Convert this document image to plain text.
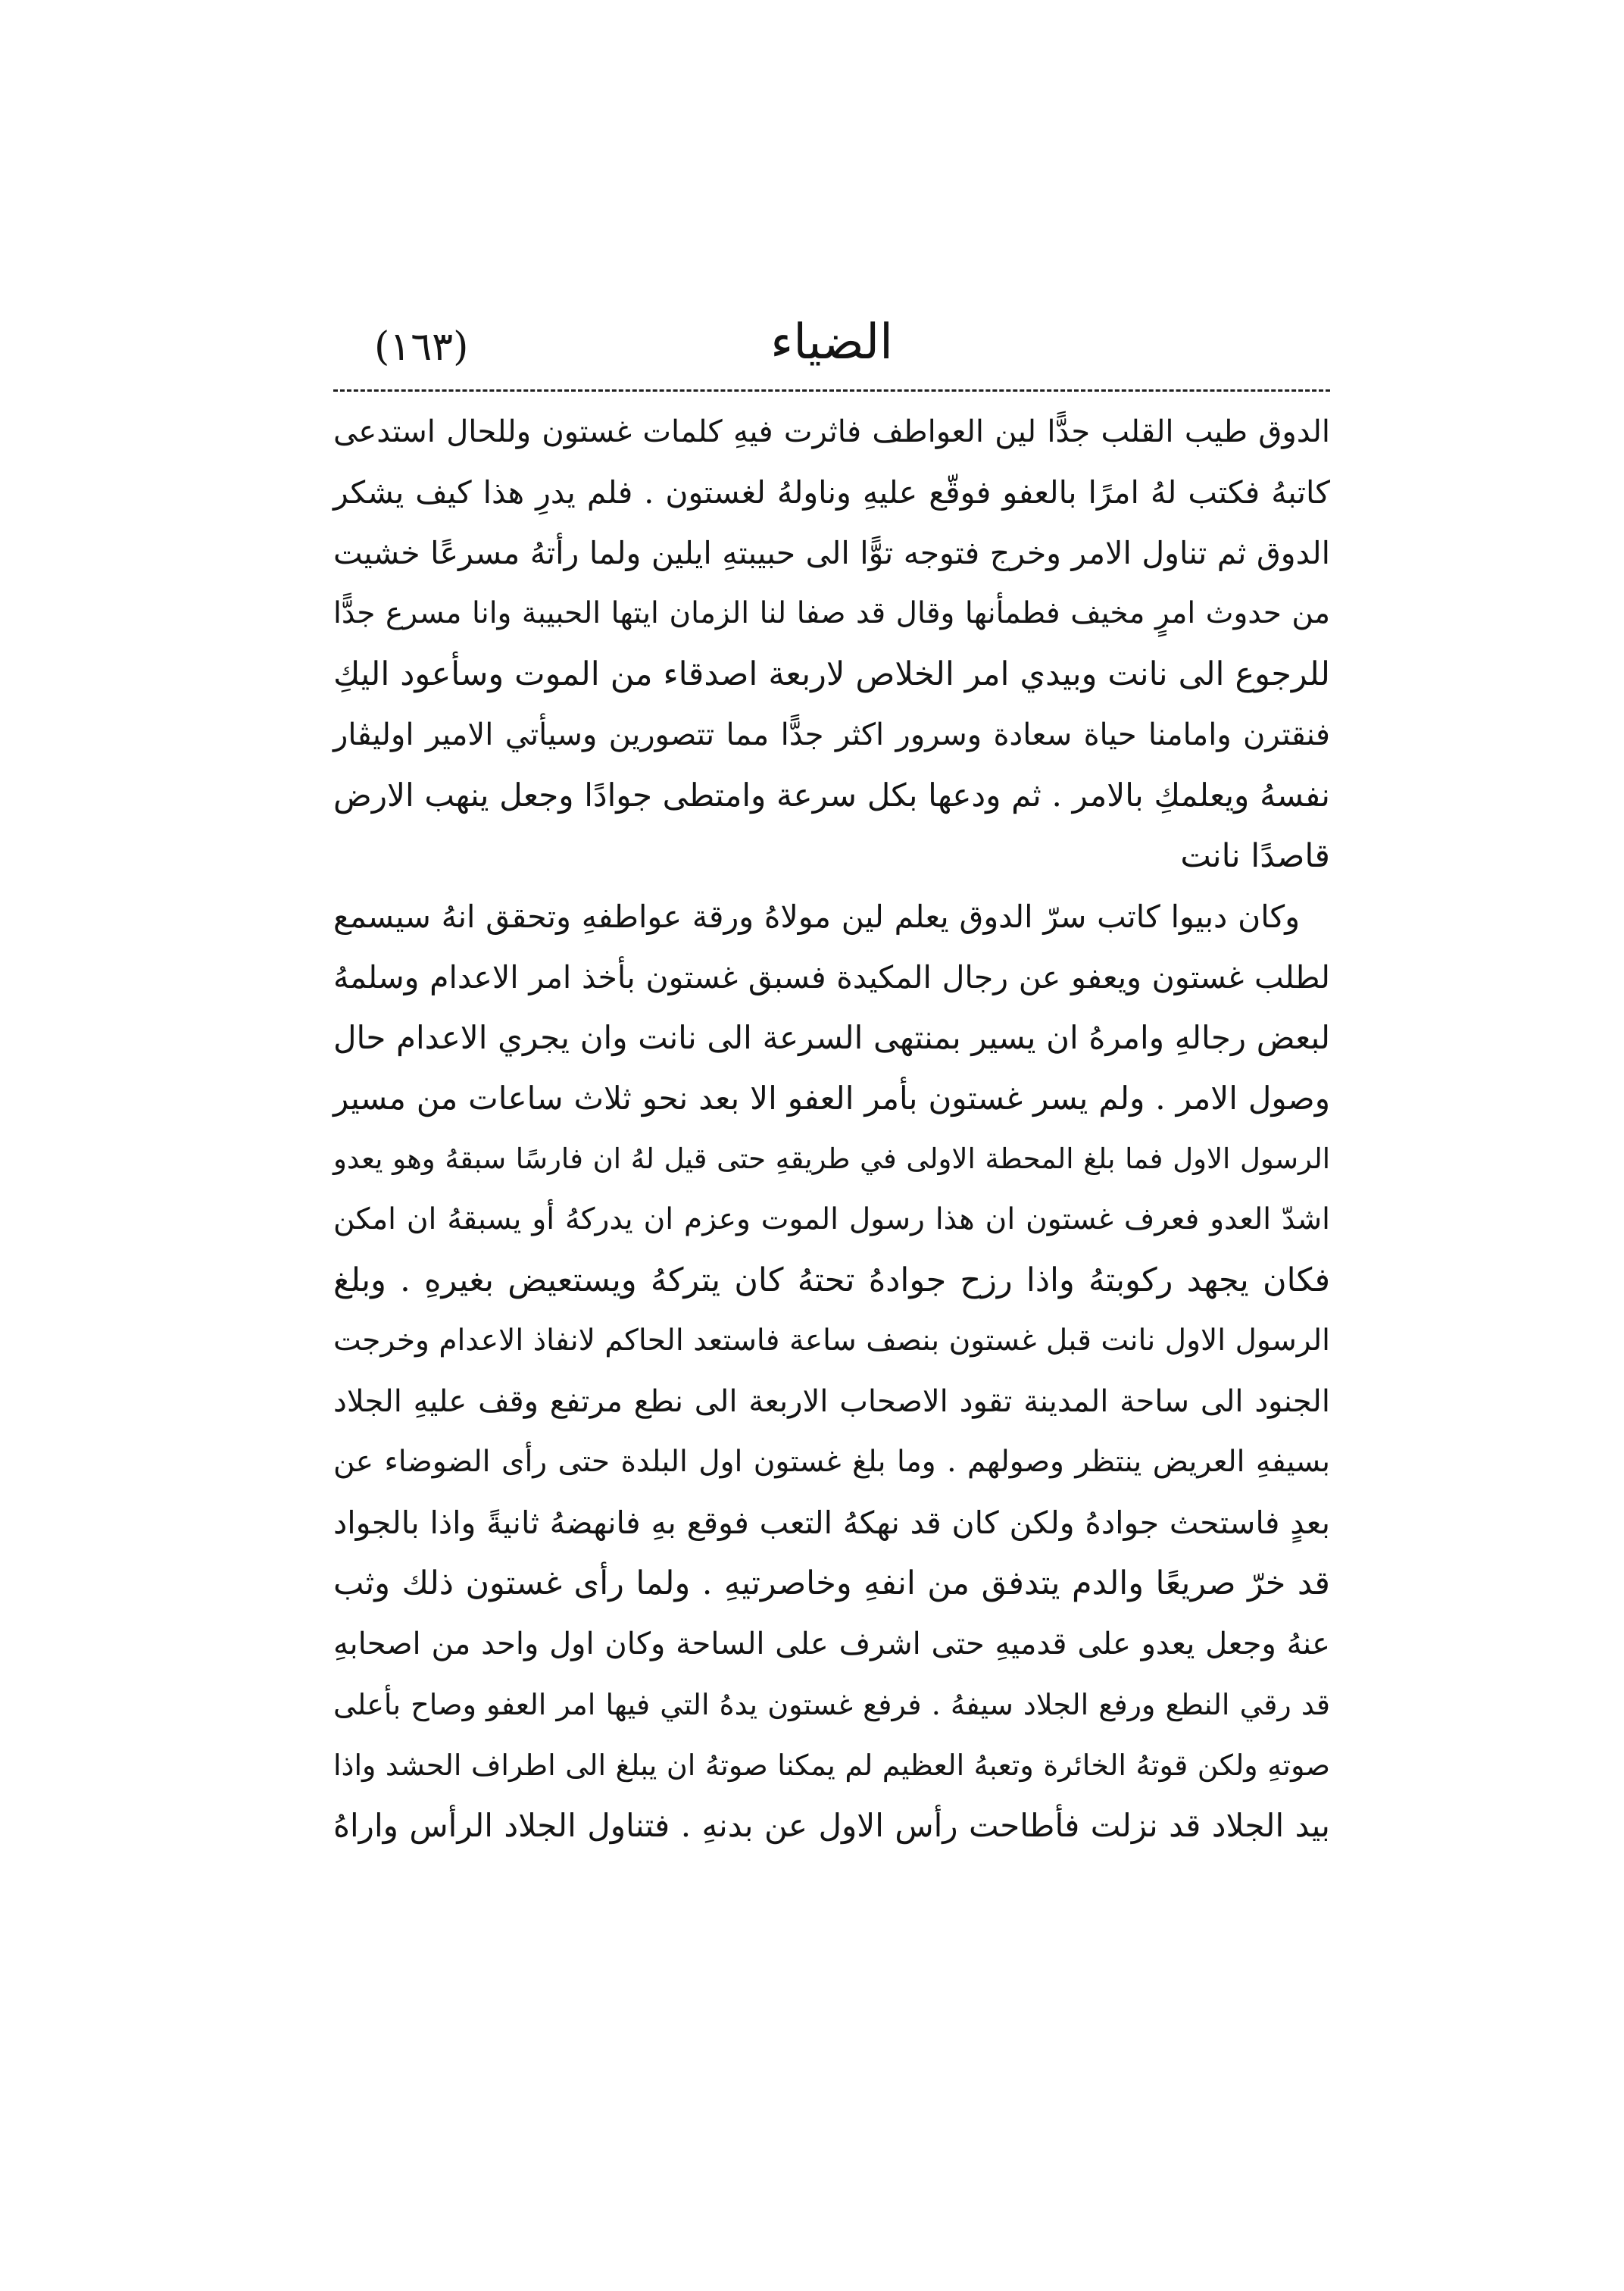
الضياء
(١٦٣)
الدوق طيب القلب جدًّا لين العواطف فاثرت فيهِ كلمات غستون وللحال استدعى
كاتبهُ فكتب لهُ امرًا بالعفو فوقّع عليهِ وناولهُ لغستون . فلم يدرِ هذا كيف يشكر
الدوق ثم تناول الامر وخرج فتوجه توًّا الى حبيبتهِ ايلين ولما رأتهُ مسرعًا خشيت
من حدوث امرٍ مخيف فطمأنها وقال قد صفا لنا الزمان ايتها الحبيبة وانا مسرع جدًّا
للرجوع الى نانت وبيدي امر الخلاص لاربعة اصدقاء من الموت وسأعود اليكِ
فنقترن وامامنا حياة سعادة وسرور اكثر جدًّا مما تتصورين وسيأتي الامير اوليڤار
نفسهُ ويعلمكِ بالامر . ثم ودعها بكل سرعة وامتطى جوادًا وجعل ينهب الارض
قاصدًا نانت
وكان دبيوا كاتب سرّ الدوق يعلم لين مولاهُ ورقة عواطفهِ وتحقق انهُ سيسمع
لطلب غستون ويعفو عن رجال المكيدة فسبق غستون بأخذ امر الاعدام وسلمهُ
لبعض رجالهِ وامرهُ ان يسير بمنتهى السرعة الى نانت وان يجري الاعدام حال
وصول الامر . ولم يسر غستون بأمر العفو الا بعد نحو ثلاث ساعات من مسير
الرسول الاول فما بلغ المحطة الاولى في طريقهِ حتى قيل لهُ ان فارسًا سبقهُ وهو يعدو
اشدّ العدو فعرف غستون ان هذا رسول الموت وعزم ان يدركهُ أو يسبقهُ ان امكن
فكان يجهد ركوبتهُ واذا رزح جوادهُ تحتهُ كان يتركهُ ويستعيض بغيرهِ . وبلغ
الرسول الاول نانت قبل غستون بنصف ساعة فاستعد الحاكم لانفاذ الاعدام وخرجت
الجنود الى ساحة المدينة تقود الاصحاب الاربعة الى نطع مرتفع وقف عليهِ الجلاد
بسيفهِ العريض ينتظر وصولهم . وما بلغ غستون اول البلدة حتى رأى الضوضاء عن
بعدٍ فاستحث جوادهُ ولكن كان قد نهكهُ التعب فوقع بهِ فانهضهُ ثانيةً واذا بالجواد
قد خرّ صريعًا والدم يتدفق من انفهِ وخاصرتيهِ . ولما رأى غستون ذلك وثب
عنهُ وجعل يعدو على قدميهِ حتى اشرف على الساحة وكان اول واحد من اصحابهِ
قد رقي النطع ورفع الجلاد سيفهُ . فرفع غستون يدهُ التي فيها امر العفو وصاح بأعلى
صوتهِ ولكن قوتهُ الخائرة وتعبهُ العظيم لم يمكنا صوتهُ ان يبلغ الى اطراف الحشد واذا
بيد الجلاد قد نزلت فأطاحت رأس الاول عن بدنهِ . فتناول الجلاد الرأس واراهُ
